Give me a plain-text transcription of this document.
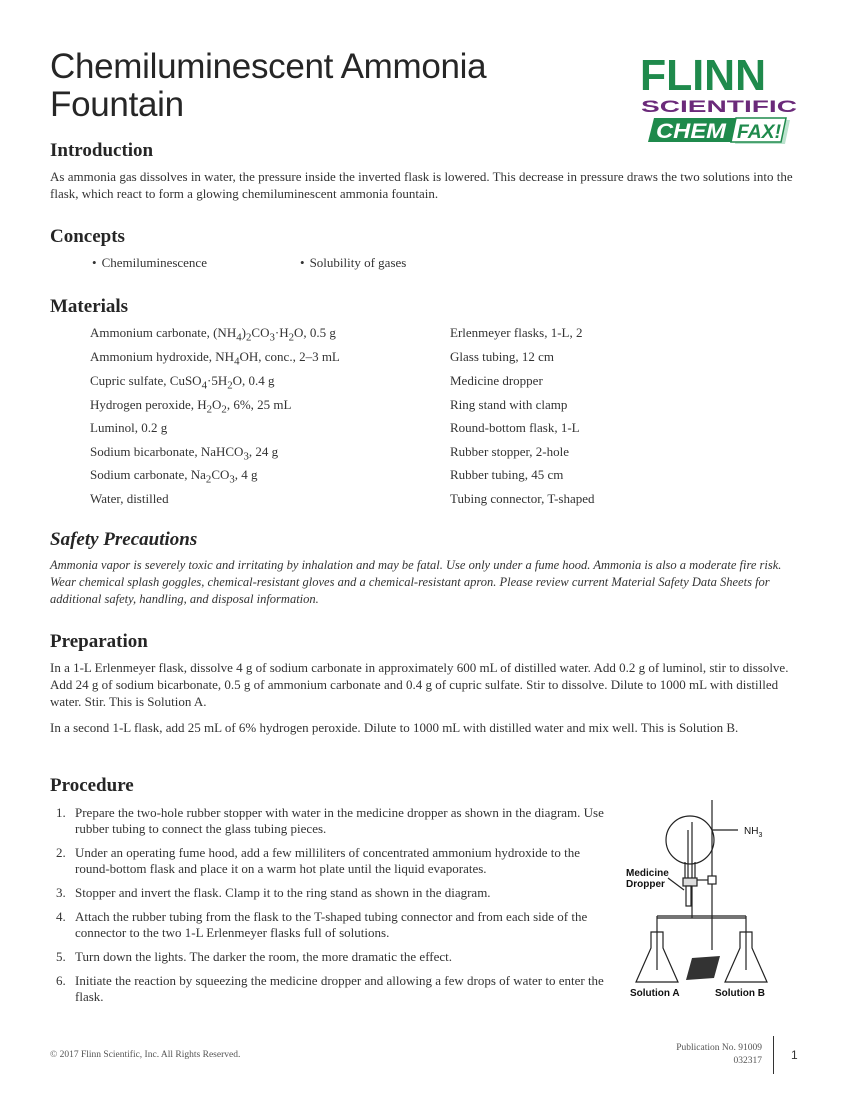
Chemiluminescent Ammonia
Fountain
FLINN
SCIENTIFIC
CHEM FAX!
Introduction

As ammonia gas dissolves in water, the pressure inside the inverted flask is lowered. This decrease in pressure draws the two solutions into the flask, which react to form a glowing chemiluminescent ammonia fountain.

Concepts
• Chemiluminescence
•	Solubility of gases
Materials
Ammonium carbonate, $(NH_4)_2CO_3\cdot H_2O$, 0.5 g
Ammonium hydroxide, $NH_4OH$, conc., 2–3 mL
Cupric sulfate, $CuSO_4\cdot 5H_2O$, 0.4 g
Hydrogen peroxide, $H_2O_2$, 6%, 25 mL
Luminol, 0.2 g
Sodium bicarbonate, NaHCO$_3$, 24 g
Sodium carbonate, $Na_2CO_3$, 4 g
Water, distilled
Erlenmeyer flasks, 1-L, 2
Glass tubing, 12 cm
Medicine dropper
Ring stand with clamp
Round-bottom flask, 1-L
Rubber stopper, 2-hole
Rubber tubing, 45 cm
Tubing connector, T-shaped
Safety Precautions

Ammonia vapor is severely toxic and irritating by inhalation and may be fatal. Use only under a fume hood. Ammonia is also a moderate fire risk. Wear chemical splash goggles, chemical-resistant gloves and a chemical-resistant apron. Please review current Material Safety Data Sheets for additional safety, handling, and disposal information.

Preparation

In a 1-L Erlenmeyer flask, dissolve 4 g of sodium carbonate in approximately 600 mL of distilled water. Add 0.2 g of luminol, stir to dissolve. Add 24 g of sodium bicarbonate, 0.5 g of ammonium carbonate and 0.4 g of cupric sulfate. Stir to dissolve. Dilute to 1000 mL with distilled water. Stir. This is Solution A.

In a second 1-L flask, add 25 mL of 6% hydrogen peroxide. Dilute to 1000 mL with distilled water and mix well. This is Solution B.

Procedure
1. Prepare the two-hole rubber stopper with water in the medicine dropper as shown in the diagram. Use rubber tubing to connect the glass tubing pieces.
2. Under an operating fume hood, add a few milliliters of concentrated ammonium hydroxide to the round-bottom flask and place it on a warm hot plate until the liquid evaporates.
3. Stopper and invert the flask. Clamp it to the ring stand as shown in the diagram.
4. Attach the rubber tubing from the flask to the T-shaped tubing connector and from each side of the connector to the two 1-L Erlenmeyer flasks full of solutions.
5. Turn down the lights. The darker the room, the more dramatic the effect.
6. Initiate the reaction by squeezing the medicine dropper and allowing a few drops of water to enter the flask.
$NH_3$
Medicine
Dropper
Solution A	Solution B
© 2017 Flinn Scientific, Inc. All Rights Reserved.
Publication No. 91009
032317 1
